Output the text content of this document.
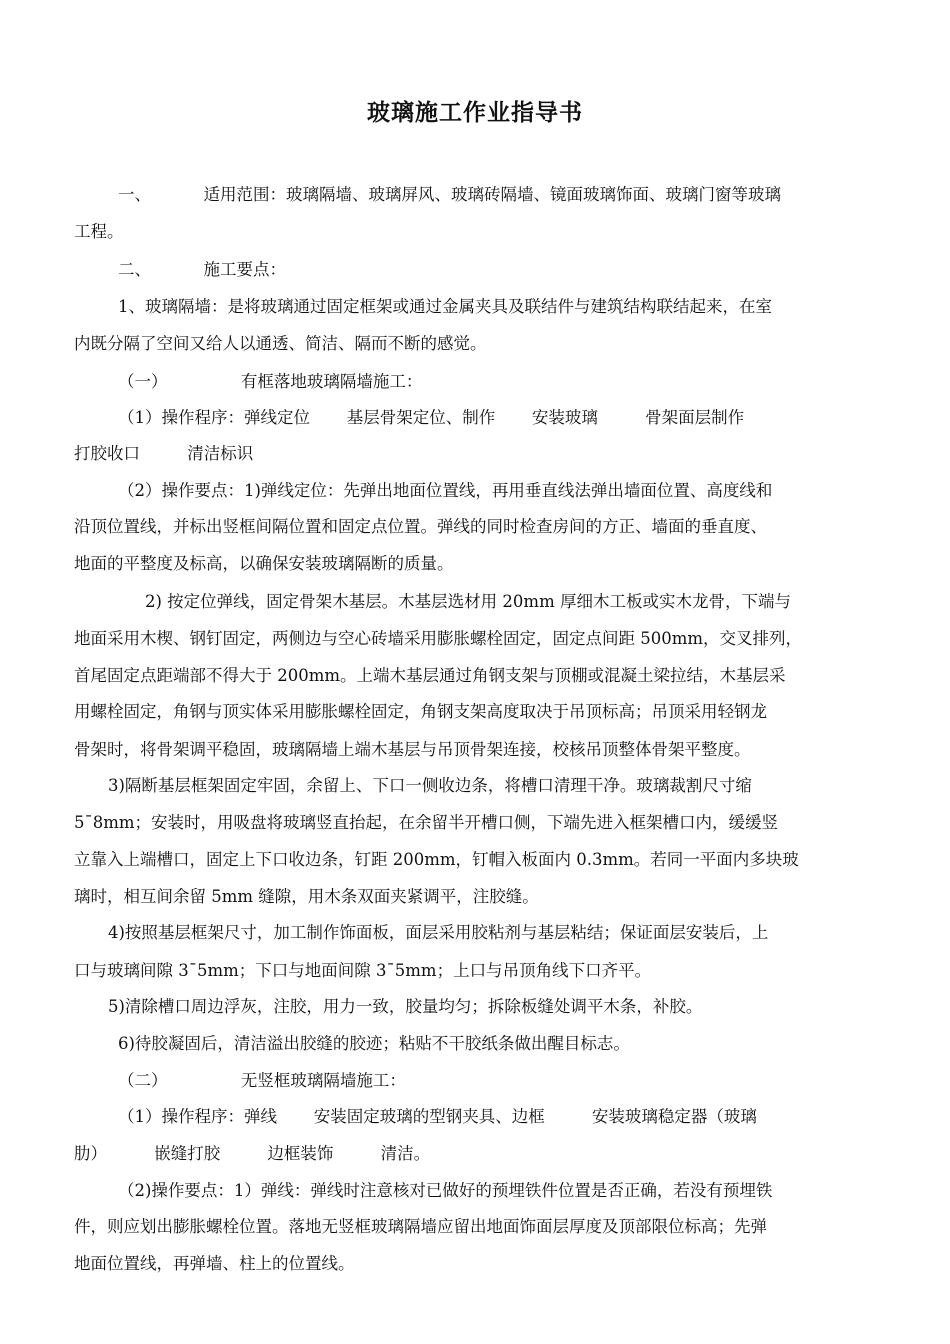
玻璃施工作业指导书
一、          适用范围：玻璃隔墙、玻璃屏风、玻璃砖隔墙、镜面玻璃饰面、玻璃门窗等玻璃
工程。
二、          施工要点：
1、玻璃隔墙：是将玻璃通过固定框架或通过金属夹具及联结件与建筑结构联结起来，在室
内既分隔了空间又给人以通透、简洁、隔而不断的感觉。
（一）              有框落地玻璃隔墙施工：
（1）操作程序：弹线定位       基层骨架定位、制作       安装玻璃         骨架面层制作
打胶收口         清洁标识
（2）操作要点：1)弹线定位：先弹出地面位置线，再用垂直线法弹出墙面位置、高度线和
沿顶位置线，并标出竖框间隔位置和固定点位置。弹线的同时检查房间的方正、墙面的垂直度、
地面的平整度及标高，以确保安装玻璃隔断的质量。
2) 按定位弹线，固定骨架木基层。木基层选材用 20mm 厚细木工板或实木龙骨，下端与
地面采用木楔、钢钉固定，两侧边与空心砖墙采用膨胀螺栓固定，固定点间距 500mm，交叉排列，
首尾固定点距端部不得大于 200mm。上端木基层通过角钢支架与顶棚或混凝土梁拉结，木基层采
用螺栓固定，角钢与顶实体采用膨胀螺栓固定，角钢支架高度取决于吊顶标高；吊顶采用轻钢龙
骨架时，将骨架调平稳固，玻璃隔墙上端木基层与吊顶骨架连接，校核吊顶整体骨架平整度。
3)隔断基层框架固定牢固，余留上、下口一侧收边条，将槽口清理干净。玻璃裁割尺寸缩
5¯8mm；安装时，用吸盘将玻璃竖直抬起，在余留半开槽口侧，下端先进入框架槽口内，缓缓竖
立靠入上端槽口，固定上下口收边条，钉距 200mm，钉帽入板面内 0.3mm。若同一平面内多块玻
璃时，相互间余留 5mm 缝隙，用木条双面夹紧调平，注胶缝。
4)按照基层框架尺寸，加工制作饰面板，面层采用胶粘剂与基层粘结；保证面层安装后，上
口与玻璃间隙 3¯5mm；下口与地面间隙 3¯5mm；上口与吊顶角线下口齐平。
5)清除槽口周边浮灰，注胶，用力一致，胶量均匀；拆除板缝处调平木条，补胶。
6)待胶凝固后，清洁溢出胶缝的胶迹；粘贴不干胶纸条做出醒目标志。
（二）              无竖框玻璃隔墙施工：
（1）操作程序：弹线       安装固定玻璃的型钢夹具、边框         安装玻璃稳定器（玻璃
肋）         嵌缝打胶         边框装饰         清洁。
（2)操作要点：1）弹线：弹线时注意核对已做好的预埋铁件位置是否正确，若没有预埋铁
件，则应划出膨胀螺栓位置。落地无竖框玻璃隔墙应留出地面饰面层厚度及顶部限位标高；先弹
地面位置线，再弹墙、柱上的位置线。
